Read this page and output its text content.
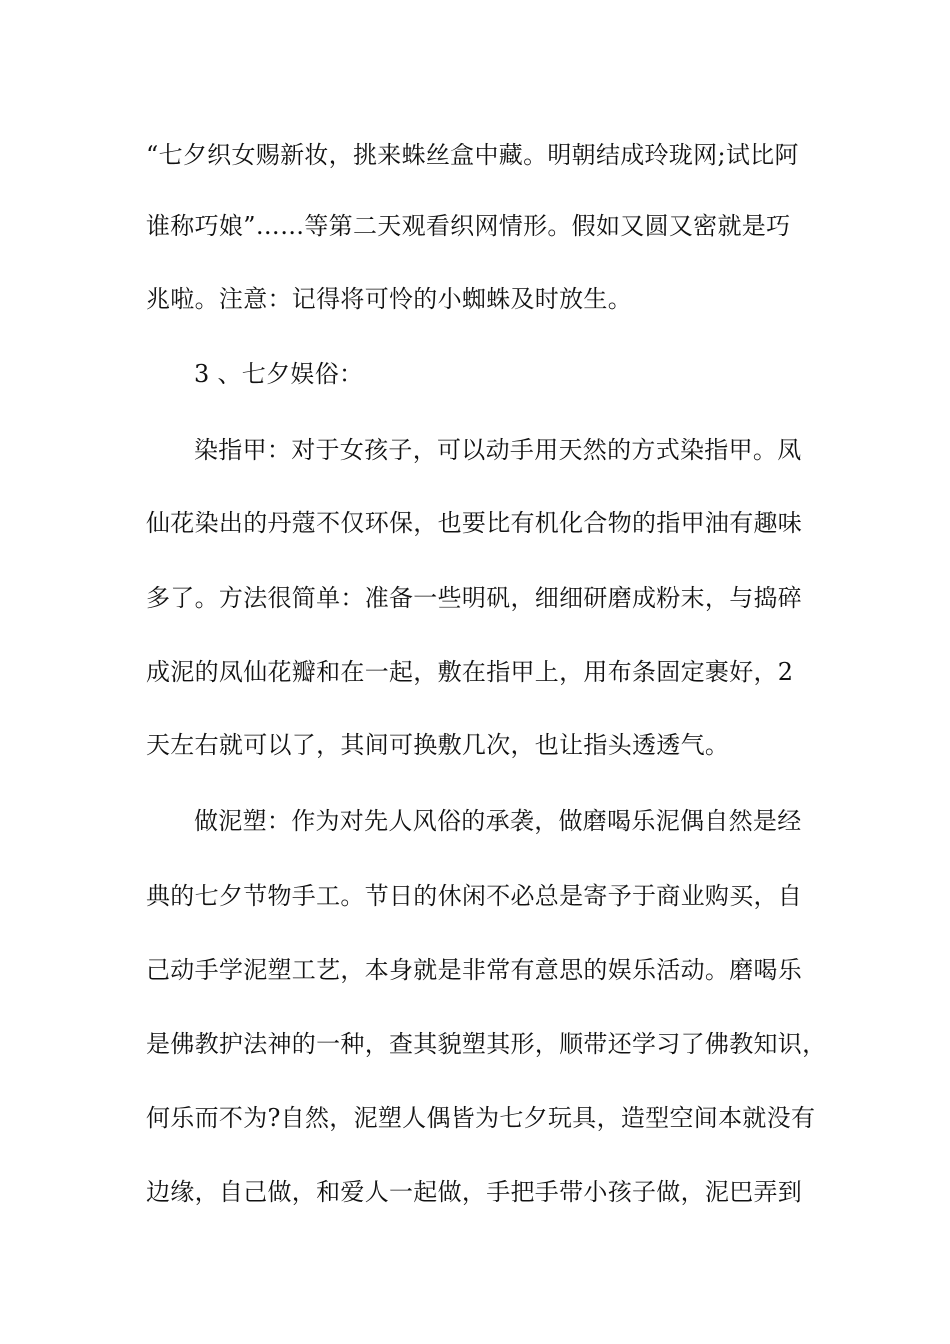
“七夕织女赐新妆，挑来蛛丝盒中藏。明朝结成玲珑网;试比阿
谁称巧娘”……等第二天观看织网情形。假如又圆又密就是巧
兆啦。注意：记得将可怜的小蜘蛛及时放生。
3 、七夕娱俗：
染指甲：对于女孩子，可以动手用天然的方式染指甲。凤
仙花染出的丹蔻不仅环保，也要比有机化合物的指甲油有趣味
多了。方法很简单：准备一些明矾，细细研磨成粉末，与捣碎
成泥的凤仙花瓣和在一起，敷在指甲上，用布条固定裹好，2
天左右就可以了，其间可换敷几次，也让指头透透气。
做泥塑：作为对先人风俗的承袭，做磨喝乐泥偶自然是经
典的七夕节物手工。节日的休闲不必总是寄予于商业购买，自
己动手学泥塑工艺，本身就是非常有意思的娱乐活动。磨喝乐
是佛教护法神的一种，查其貌塑其形，顺带还学习了佛教知识，
何乐而不为?自然，泥塑人偶皆为七夕玩具，造型空间本就没有
边缘，自己做，和爱人一起做，手把手带小孩子做，泥巴弄到
